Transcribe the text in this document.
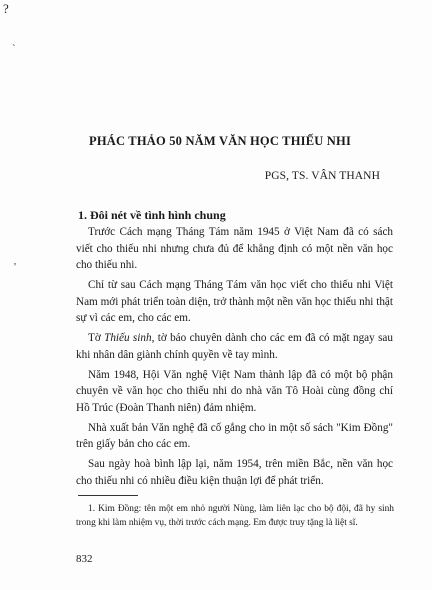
?
`
'
PHÁC THẢO 50 NĂM VĂN HỌC THIẾU NHI
PGS, TS. VÂN THANH
1. Đôi nét về tình hình chung

Trước Cách mạng Tháng Tám năm 1945 ở Việt Nam đã có sách viết cho thiếu nhi nhưng chưa đủ để khẳng định có một nền văn học cho thiếu nhi.

Chỉ từ sau Cách mạng Tháng Tám văn học viết cho thiếu nhi Việt Nam mới phát triển toàn diện, trở thành một nền văn học thiếu nhi thật sự vì các em, cho các em.

Tờ Thiếu sinh, tờ báo chuyên dành cho các em đã có mặt ngay sau khi nhân dân giành chính quyền về tay mình.

Năm 1948, Hội Văn nghệ Việt Nam thành lập đã có một bộ phận chuyên về văn học cho thiếu nhi do nhà văn Tô Hoài cùng đồng chí Hồ Trúc (Đoàn Thanh niên) đảm nhiệm.

Nhà xuất bản Văn nghệ đã cố gắng cho in một số sách "Kim Đồng" trên giấy bản cho các em.

Sau ngày hoà bình lập lại, năm 1954, trên miền Bắc, nền văn học cho thiếu nhi có nhiều điều kiện thuận lợi để phát triển.

1. Kim Đồng: tên một em nhỏ người Nùng, làm liên lạc cho bộ đội, đã hy sinh trong khi làm nhiệm vụ, thời trước cách mạng. Em được truy tặng là liệt sĩ.
832
